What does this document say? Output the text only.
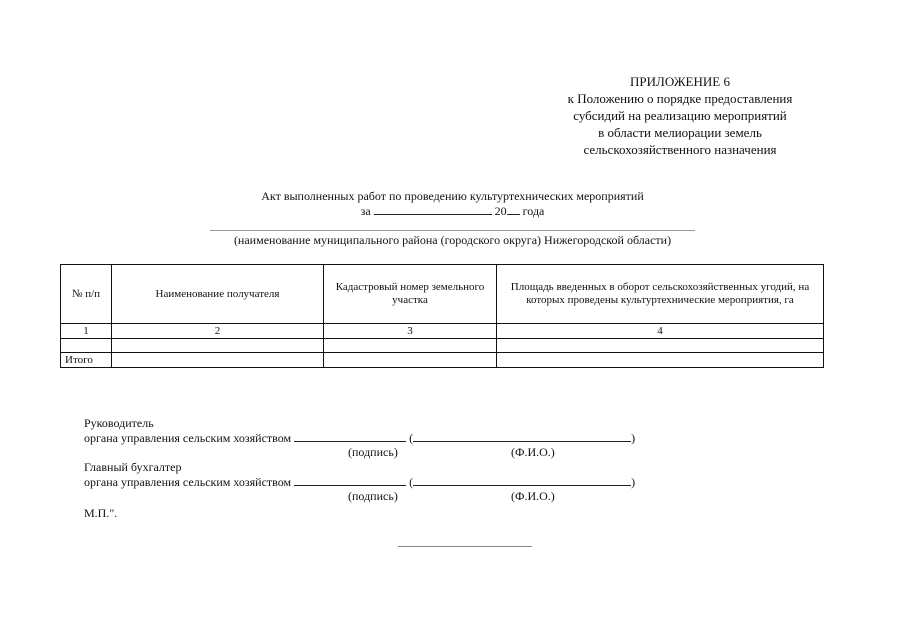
ПРИЛОЖЕНИЕ 6
к Положению о порядке предоставления
субсидий на реализацию мероприятий
в области мелиорации земель
сельскохозяйственного назначения
Акт выполненных работ по проведению культуртехнических мероприятий
за	20 года
(наименование муниципального района (городского округа) Нижегородской области)
№ п/п	Наименование получателя	Кадастровый номер земельного участка	Площадь введенных в оборот сельскохозяйственных угодий, на которых проведены культуртехнические мероприятия, га
1	2	3	4

Итого			
Руководитель
органа управления сельским хозяйством	(	)
(подпись)	(Ф.И.О.)
Главный бухгалтер
органа управления сельским хозяйством	(	)
(подпись)	(Ф.И.О.)
М.П.".
